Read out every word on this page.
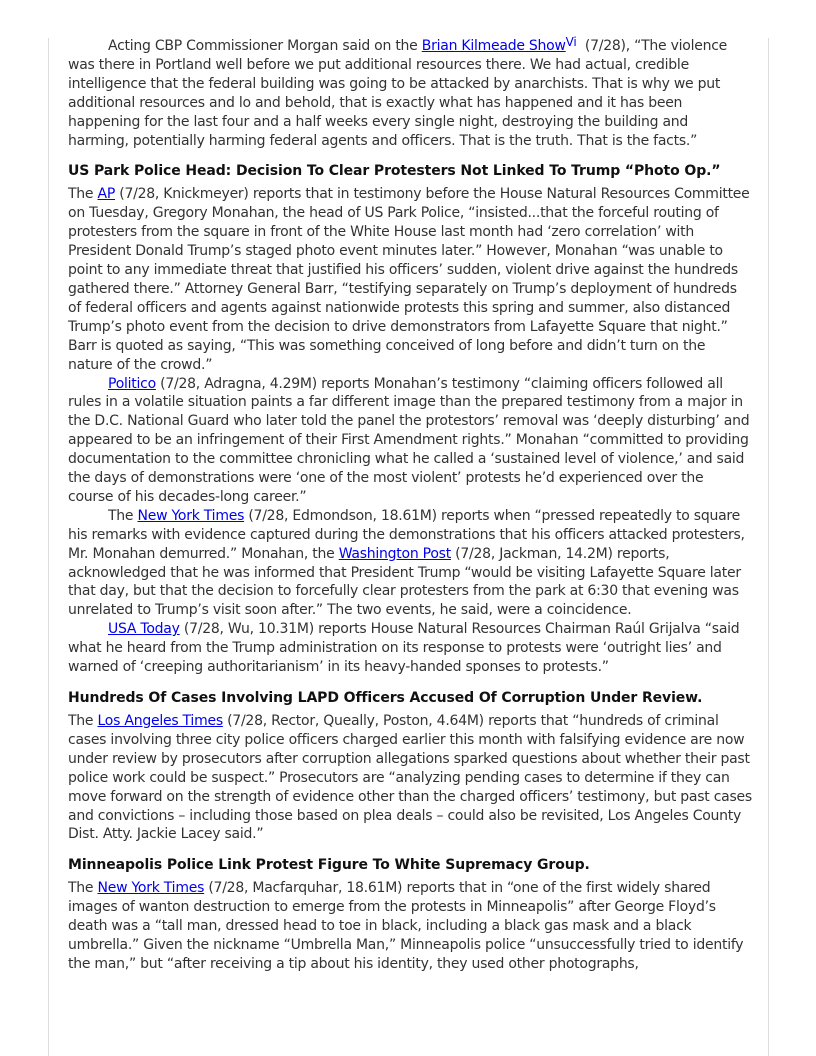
Acting CBP Commissioner Morgan said on the Brian Kilmeade Show$^{Vi}$  (7/28), “The violence was there in Portland well before we put additional resources there. We had actual, credible intelligence that the federal building was going to be attacked by anarchists. That is why we put additional resources and lo and behold, that is exactly what has happened and it has been happening for the last four and a half weeks every single night, destroying the building and harming, potentially harming federal agents and officers. That is the truth. That is the facts.”

US Park Police Head: Decision To Clear Protesters Not Linked To Trump “Photo Op.”

The AP (7/28, Knickmeyer) reports that in testimony before the House Natural Resources Committee on Tuesday, Gregory Monahan, the head of US Park Police, “insisted...that the forceful routing of protesters from the square in front of the White House last month had ‘zero correlation’ with President Donald Trump’s staged photo event minutes later.” However, Monahan “was unable to point to any immediate threat that justified his officers’ sudden, violent drive against the hundreds gathered there.” Attorney General Barr, “testifying separately on Trump’s deployment of hundreds of federal officers and agents against nationwide protests this spring and summer, also distanced Trump’s photo event from the decision to drive demonstrators from Lafayette Square that night.” Barr is quoted as saying, “This was something conceived of long before and didn’t turn on the nature of the crowd.”

Politico (7/28, Adragna, 4.29M) reports Monahan’s testimony “claiming officers followed all rules in a volatile situation paints a far different image than the prepared testimony from a major in the D.C. National Guard who later told the panel the protestors’ removal was ‘deeply disturbing’ and appeared to be an infringement of their First Amendment rights.” Monahan “committed to providing documentation to the committee chronicling what he called a ‘sustained level of violence,’ and said the days of demonstrations were ‘one of the most violent’ protests he’d experienced over the course of his decades-long career.”

The New York Times (7/28, Edmondson, 18.61M) reports when “pressed repeatedly to square his remarks with evidence captured during the demonstrations that his officers attacked protesters, Mr. Monahan demurred.” Monahan, the Washington Post (7/28, Jackman, 14.2M) reports, acknowledged that he was informed that President Trump “would be visiting Lafayette Square later that day, but that the decision to forcefully clear protesters from the park at 6:30 that evening was unrelated to Trump’s visit soon after.” The two events, he said, were a coincidence.

USA Today (7/28, Wu, 10.31M) reports House Natural Resources Chairman Raúl Grijalva “said what he heard from the Trump administration on its response to protests were ‘outright lies’ and warned of ‘creeping authoritarianism’ in its heavy-handed sponses to protests.”

Hundreds Of Cases Involving LAPD Officers Accused Of Corruption Under Review.

The Los Angeles Times (7/28, Rector, Queally, Poston, 4.64M) reports that “hundreds of criminal cases involving three city police officers charged earlier this month with falsifying evidence are now under review by prosecutors after corruption allegations sparked questions about whether their past police work could be suspect.” Prosecutors are “analyzing pending cases to determine if they can move forward on the strength of evidence other than the charged officers’ testimony, but past cases and convictions – including those based on plea deals – could also be revisited, Los Angeles County Dist. Atty. Jackie Lacey said.”

Minneapolis Police Link Protest Figure To White Supremacy Group.

The New York Times (7/28, Macfarquhar, 18.61M) reports that in “one of the first widely shared images of wanton destruction to emerge from the protests in Minneapolis” after George Floyd’s death was a “tall man, dressed head to toe in black, including a black gas mask and a black umbrella.” Given the nickname “Umbrella Man,” Minneapolis police “unsuccessfully tried to identify the man,” but “after receiving a tip about his identity, they used other photographs,
